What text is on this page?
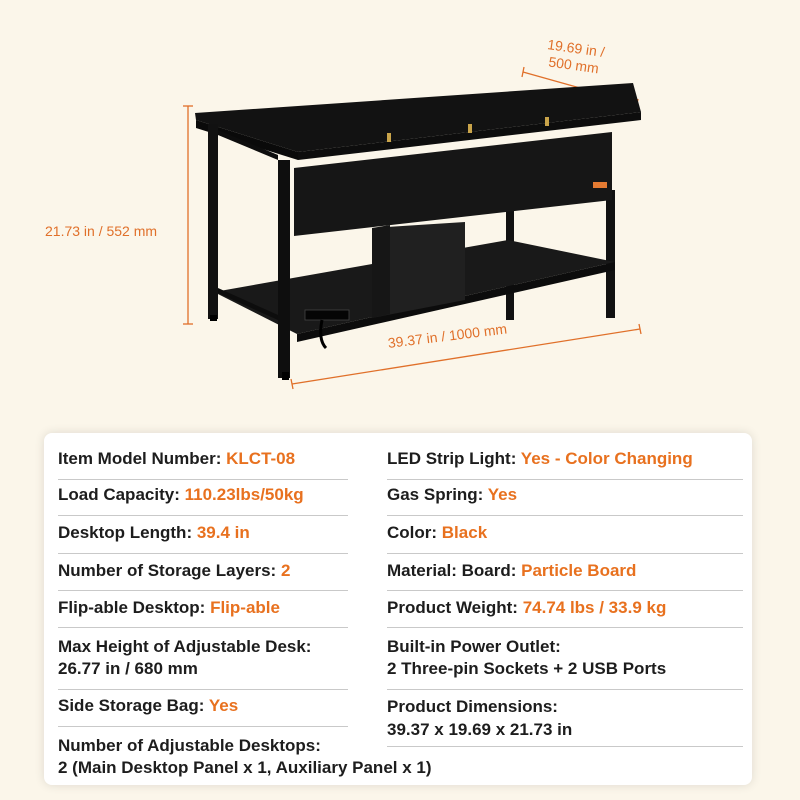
19.69 in /
500 mm
21.73 in / 552 mm
39.37 in / 1000 mm
Item Model Number: KLCT-08
Load Capacity: 110.23lbs/50kg
Desktop Length: 39.4 in
Number of Storage Layers: 2
Flip-able Desktop: Flip-able
Max Height of Adjustable Desk:
26.77 in / 680 mm
Side Storage Bag: Yes
Number of Adjustable Desktops:
2 (Main Desktop Panel x 1, Auxiliary Panel x 1)
LED Strip Light: Yes - Color Changing
Gas Spring: Yes
Color: Black
Material: Board: Particle Board
Product Weight: 74.74 lbs / 33.9 kg
Built-in Power Outlet:
2 Three-pin Sockets + 2 USB Ports
Product Dimensions:
39.37 x 19.69 x 21.73 in
